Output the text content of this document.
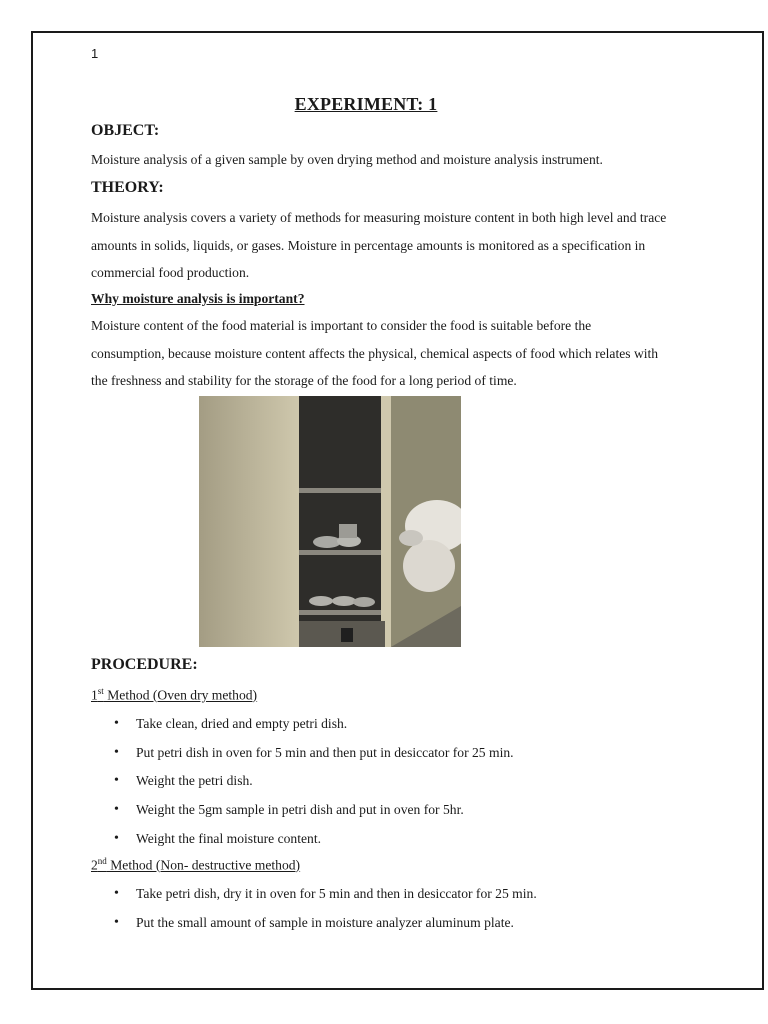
1
EXPERIMENT: 1
OBJECT:
Moisture analysis of a given sample by oven drying method and moisture analysis instrument.
THEORY:
Moisture analysis covers a variety of methods for measuring moisture content in both high level and trace amounts in solids, liquids, or gases. Moisture in percentage amounts is monitored as a specification in commercial food production.
Why moisture analysis is important?
Moisture content of the food material is important to consider the food is suitable before the consumption, because moisture content affects the physical, chemical aspects of food which relates with the freshness and stability for the storage of the food for a long period of time.
PROCEDURE:
1st Method (Oven dry method)
• Take clean, dried and empty petri dish.
• Put petri dish in oven for 5 min and then put in desiccator for 25 min.
• Weight the petri dish.
• Weight the 5gm sample in petri dish and put in oven for 5hr.
• Weight the final moisture content.
2nd Method (Non- destructive method)
• Take petri dish, dry it in oven for 5 min and then in desiccator for 25 min.
• Put the small amount of sample in moisture analyzer aluminum plate.
